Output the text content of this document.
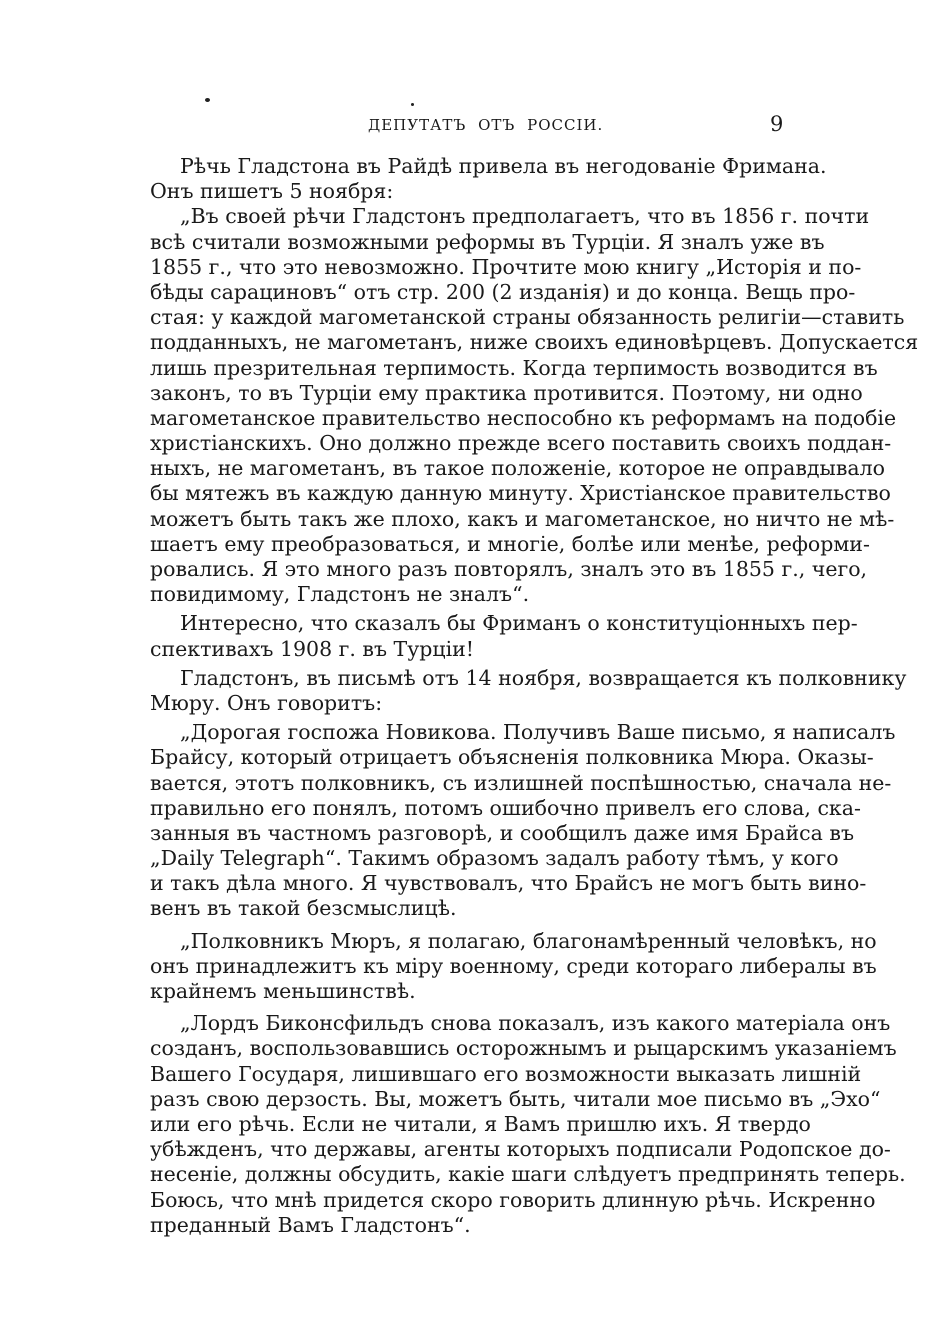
ДЕПУТАТЪ ОТЪ РОССІИ.	9
Рѣчь Гладстона въ Райдѣ привела въ негодованіе Фримана.
Онъ пишетъ 5 ноября:
„Въ своей рѣчи Гладстонъ предполагаетъ, что въ 1856 г. почти
всѣ считали возможными реформы въ Турціи. Я зналъ уже въ
1855 г., что это невозможно. Прочтите мою книгу „Исторія и по-
бѣды сарациновъ“ отъ стр. 200 (2 изданія) и до конца. Вещь про-
стая: у каждой магометанской страны обязанность религіи—ставить
подданныхъ, не магометанъ, ниже своихъ единовѣрцевъ. Допускается
лишь презрительная терпимость. Когда терпимость возводится въ
законъ, то въ Турціи ему практика противится. Поэтому, ни одно
магометанское правительство неспособно къ реформамъ на подобіе
христіанскихъ. Оно должно прежде всего поставить своихъ поддан-
ныхъ, не магометанъ, въ такое положеніе, которое не оправдывало
бы мятежъ въ каждую данную минуту. Христіанское правительство
можетъ быть такъ же плохо, какъ и магометанское, но ничто не мѣ-
шаетъ ему преобразоваться, и многіе, болѣе или менѣе, реформи-
ровались. Я это много разъ повторялъ, зналъ это въ 1855 г., чего,
повидимому, Гладстонъ не зналъ“.
Интересно, что сказалъ бы Фриманъ о конституціонныхъ пер-
спективахъ 1908 г. въ Турціи!
Гладстонъ, въ письмѣ отъ 14 ноября, возвращается къ полковнику
Мюру. Онъ говоритъ:
„Дорогая госпожа Новикова. Получивъ Ваше письмо, я написалъ
Брайсу, который отрицаетъ объясненія полковника Мюра. Оказы-
вается, этотъ полковникъ, съ излишней поспѣшностью, сначала не-
правильно его понялъ, потомъ ошибочно привелъ его слова, ска-
занныя въ частномъ разговорѣ, и сообщилъ даже имя Брайса въ
„Daily Telegraph“. Такимъ образомъ задалъ работу тѣмъ, у кого
и такъ дѣла много. Я чувствовалъ, что Брайсъ не могъ быть вино-
венъ въ такой безсмыслицѣ.
„Полковникъ Мюръ, я полагаю, благонамѣренный человѣкъ, но
онъ принадлежитъ къ міру военному, среди котораго либералы въ
крайнемъ меньшинствѣ.
„Лордъ Биконсфильдъ снова показалъ, изъ какого матеріала онъ
созданъ, воспользовавшись осторожнымъ и рыцарскимъ указаніемъ
Вашего Государя, лишившаго его возможности выказать лишній
разъ свою дерзость. Вы, можетъ быть, читали мое письмо въ „Эхо“
или его рѣчь. Если не читали, я Вамъ пришлю ихъ. Я твердо
убѣжденъ, что державы, агенты которыхъ подписали Родопское до-
несеніе, должны обсудить, какіе шаги слѣдуетъ предпринять теперь.
Боюсь, что мнѣ придется скоро говорить длинную рѣчь. Искренно
преданный Вамъ Гладстонъ“.
